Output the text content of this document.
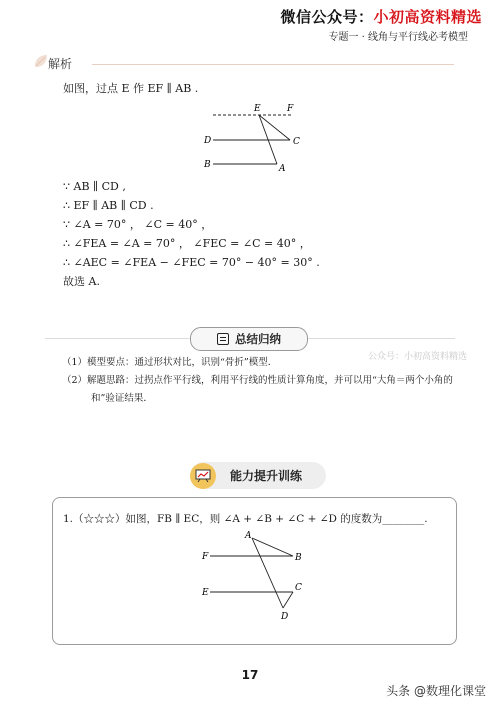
微信公众号：小初高资料精选
专题一 · 线角与平行线必考模型
解析
如图，过点 E 作 EF ∥ AB .
E	F
D	C
B	A
∵ AB ∥ CD ,
∴ EF ∥ AB ∥ CD .
∵ ∠A = 70° ， ∠C = 40° ，
∴ ∠FEA = ∠A = 70° ， ∠FEC = ∠C = 40° ，
∴ ∠AEC = ∠FEA − ∠FEC = 70° − 40° = 30° .
故选 A.
总结归纳
公众号：小初高资料精选
（1）模型要点：通过形状对比，识别“骨折”模型．
（2）解题思路：过拐点作平行线，利用平行线的性质计算角度，并可以用“大角＝两个小角的
和”验证结果．
能力提升训练
1.（☆☆☆）如图，FB ∥ EC，则 ∠A + ∠B + ∠C + ∠D 的度数为________.
A
F	B
E	C
D
17
头条 @数理化课堂
